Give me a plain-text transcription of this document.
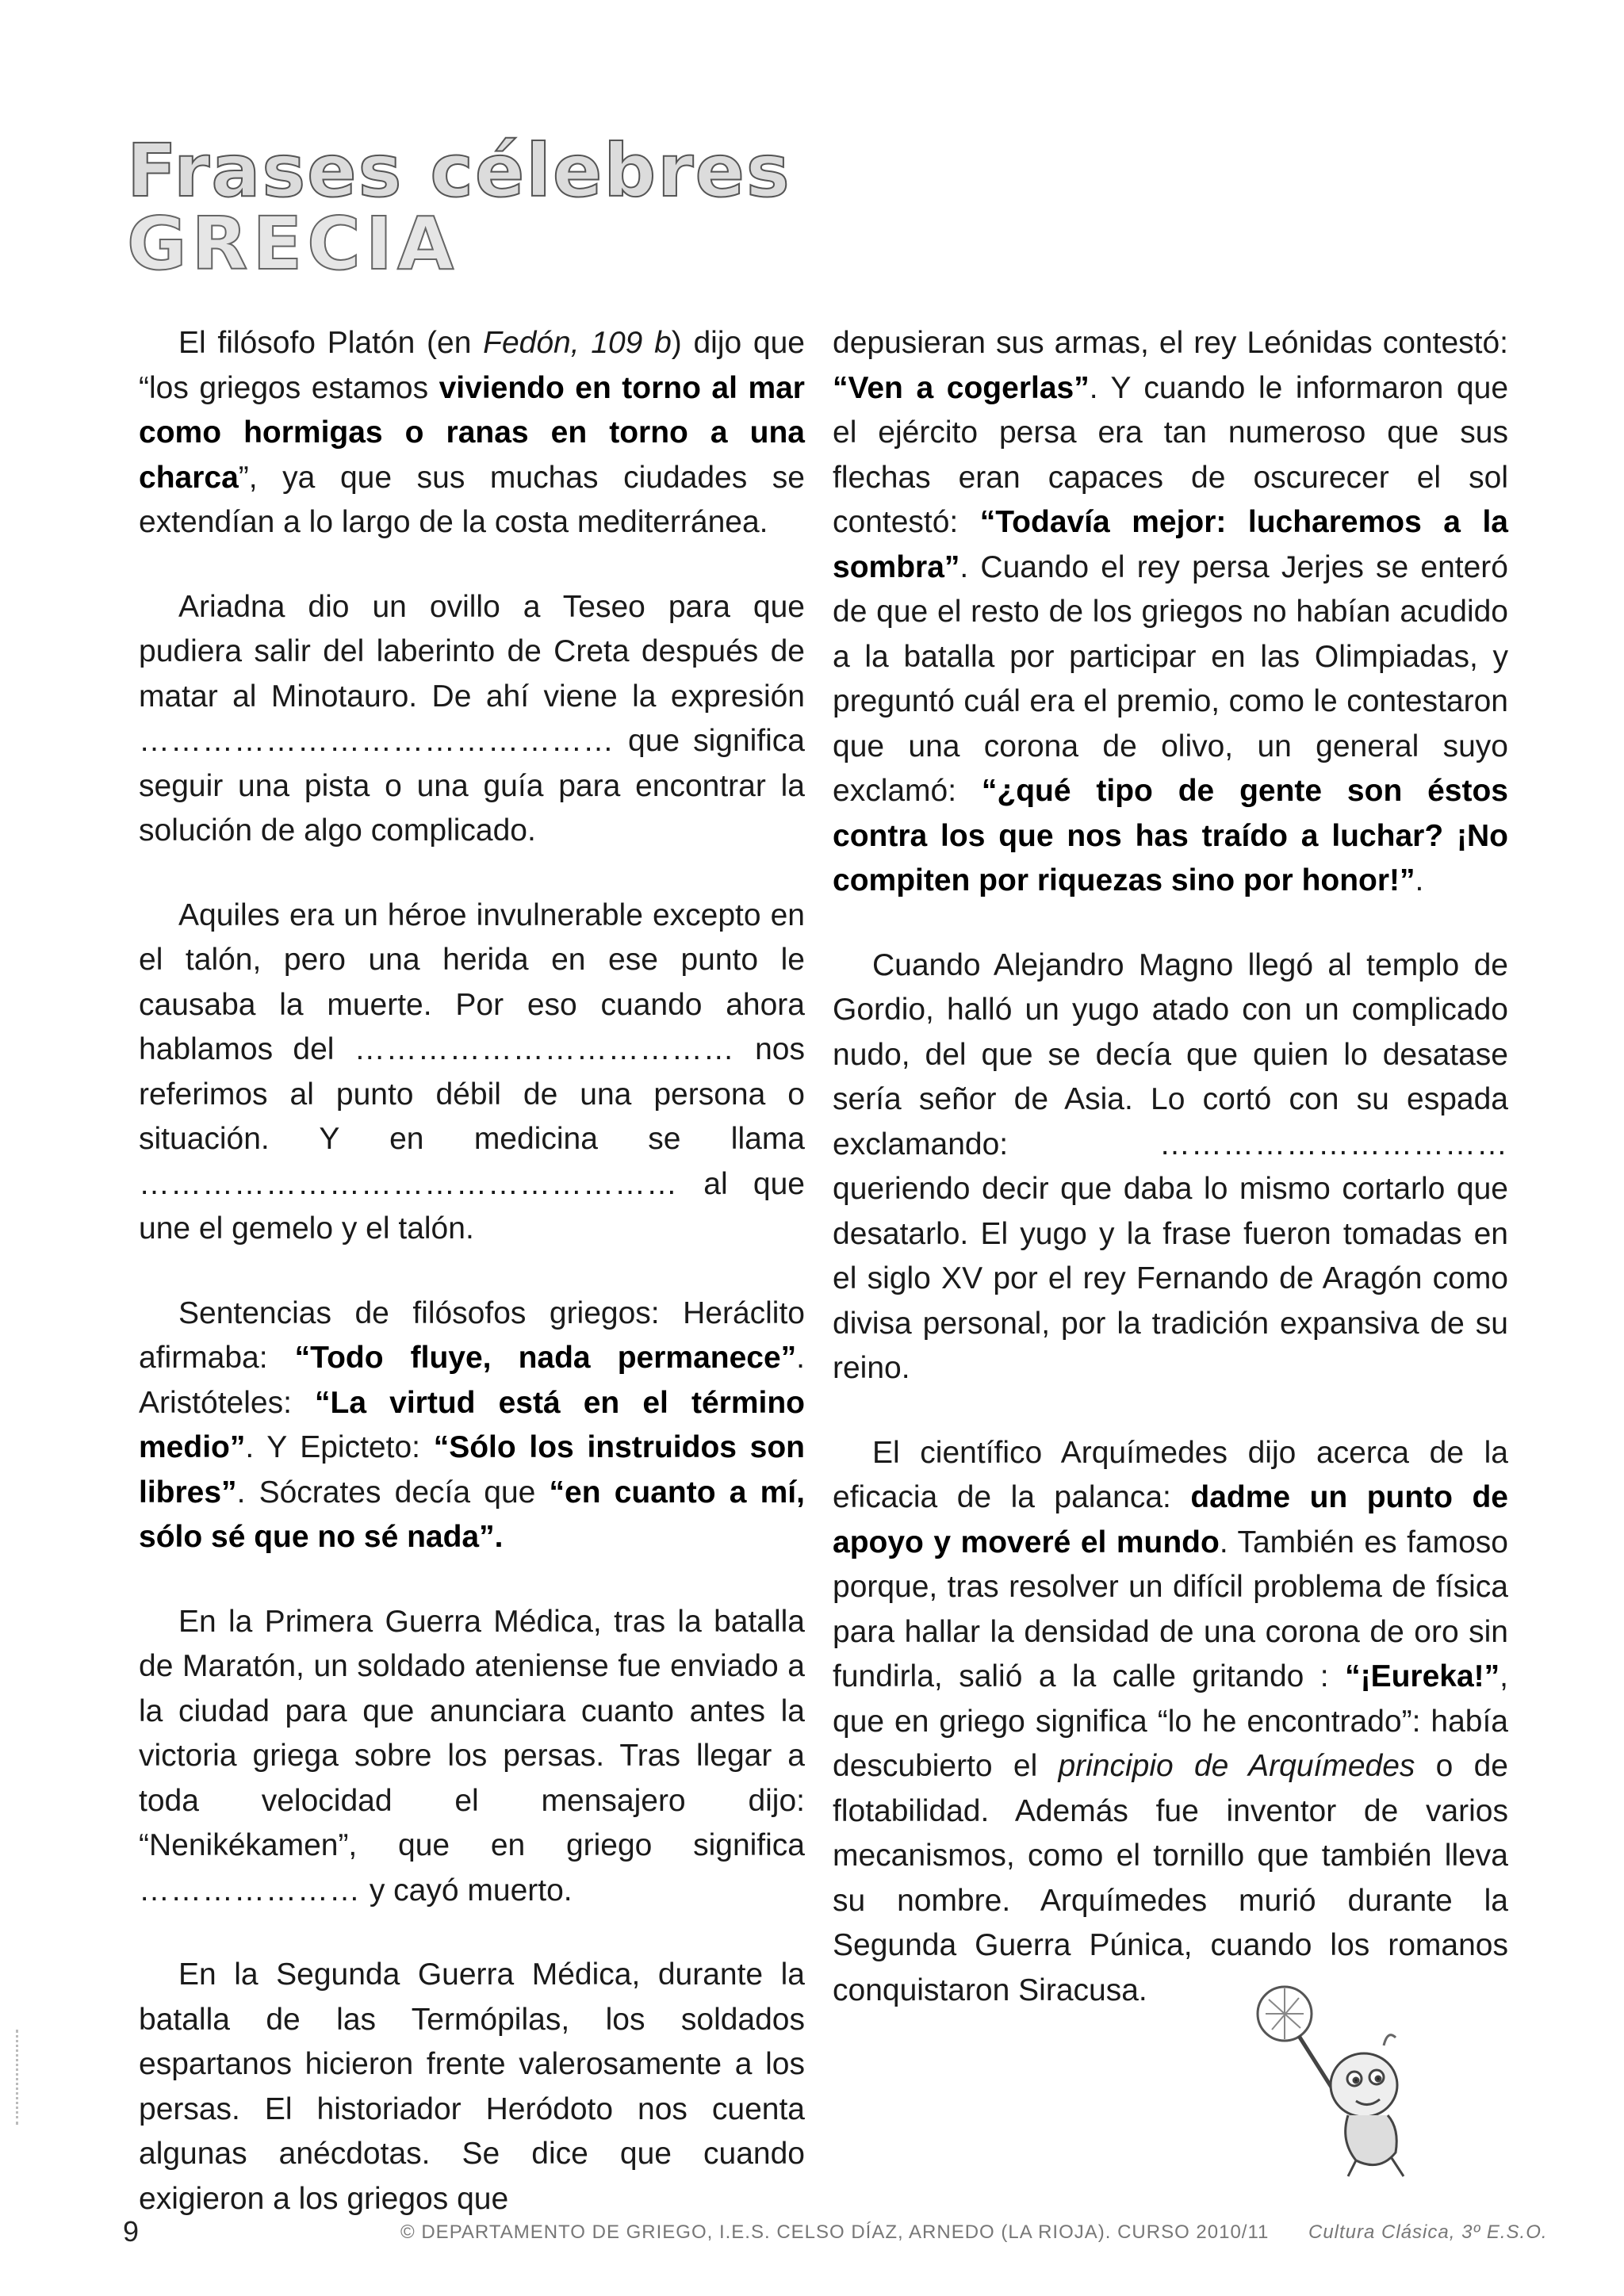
Frases célebres
GRECIA

El filósofo Platón (en Fedón, 109 b) dijo que “los griegos estamos viviendo en torno al mar como hormigas o ranas en torno a una charca”, ya que sus muchas ciudades se extendían a lo largo de la costa mediterránea.

Ariadna dio un ovillo a Teseo para que pudiera salir del laberinto de Creta después de matar al Minotauro. De ahí viene la expresión ……………………………………… que significa seguir una pista o una guía para encontrar la solución de algo complicado.

Aquiles era un héroe invulnerable excepto en el talón, pero una herida en ese punto le causaba la muerte. Por eso cuando ahora hablamos del ……………………………… nos referimos al punto débil de una persona o situación. Y en medicina se llama …………………………………………… al que une el gemelo y el talón.

Sentencias de filósofos griegos: Heráclito afirmaba: “Todo fluye, nada permanece”. Aristóteles: “La virtud está en el término medio”. Y Epicteto: “Sólo los instruidos son libres”. Sócrates decía que “en cuanto a mí, sólo sé que no sé nada”.

En la Primera Guerra Médica, tras la batalla de Maratón, un soldado ateniense fue enviado a la ciudad para que anunciara cuanto antes la victoria griega sobre los persas. Tras llegar a toda velocidad el mensajero dijo: “Nenikékamen”, que en griego significa ………………… y cayó muerto.

En la Segunda Guerra Médica, durante la batalla de las Termópilas, los soldados espartanos hicieron frente valerosamente a los persas. El historiador Heródoto nos cuenta algunas anécdotas. Se dice que cuando exigieron a los griegos que

depusieran sus armas, el rey Leónidas contestó: “Ven a cogerlas”. Y cuando le informaron que el ejército persa era tan numeroso que sus flechas eran capaces de oscurecer el sol contestó: “Todavía mejor: lucharemos a la sombra”. Cuando el rey persa Jerjes se enteró de que el resto de los griegos no habían acudido a la batalla por participar en las Olimpiadas, y preguntó cuál era el premio, como le contestaron que una corona de olivo, un general suyo exclamó: “¿qué tipo de gente son éstos contra los que nos has traído a luchar? ¡No compiten por riquezas sino por honor!”.

Cuando Alejandro Magno llegó al templo de Gordio, halló un yugo atado con un complicado nudo, del que se decía que quien lo desatase sería señor de Asia. Lo cortó con su espada exclamando: …………………………… queriendo decir que daba lo mismo cortarlo que desatarlo. El yugo y la frase fueron tomadas en el siglo XV por el rey Fernando de Aragón como divisa personal, por la tradición expansiva de su reino.

El científico Arquímedes dijo acerca de la eficacia de la palanca: dadme un punto de apoyo y moveré el mundo. También es famoso porque, tras resolver un difícil problema de física para hallar la densidad de una corona de oro sin fundirla, salió a la calle gritando : “¡Eureka!”, que en griego significa “lo he encontrado”: había descubierto el principio de Arquímedes o de flotabilidad. Además fue inventor de varios mecanismos, como el tornillo que también lleva su nombre. Arquímedes murió durante la Segunda Guerra Púnica, cuando los romanos conquistaron Siracusa.

9	© DEPARTAMENTO DE GRIEGO, I.E.S. CELSO DÍAZ, ARNEDO (LA RIOJA). CURSO 2010/11 Cultura Clásica, 3º E.S.O.
